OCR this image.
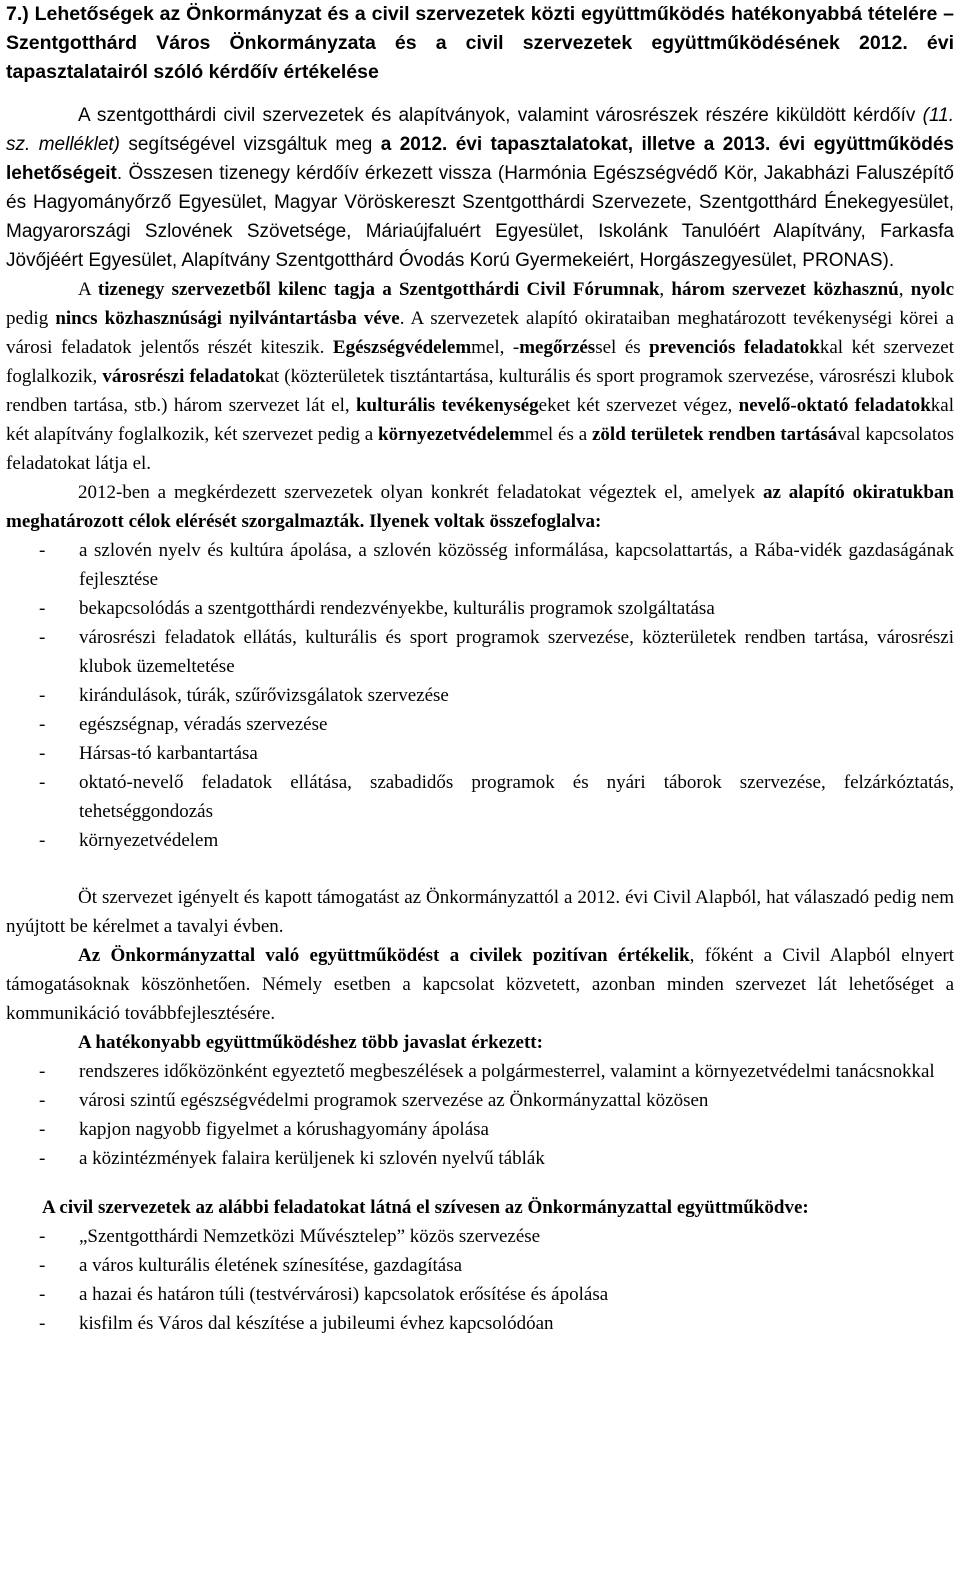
7.) Lehetőségek az Önkormányzat és a civil szervezetek közti együttműködés hatékonyabbá tételére – Szentgotthárd Város Önkormányzata és a civil szervezetek együttműködésének 2012. évi tapasztalatairól szóló kérdőív értékelése

A szentgotthárdi civil szervezetek és alapítványok, valamint városrészek részére kiküldött kérdőív (11. sz. melléklet) segítségével vizsgáltuk meg a 2012. évi tapasztalatokat, illetve a 2013. évi együttműködés lehetőségeit. Összesen tizenegy kérdőív érkezett vissza (Harmónia Egészségvédő Kör, Jakabházi Faluszépítő és Hagyományőrző Egyesület, Magyar Vöröskereszt Szentgotthárdi Szervezete, Szentgotthárd Énekegyesület, Magyarországi Szlovének Szövetsége, Máriaújfaluért Egyesület, Iskolánk Tanulóért Alapítvány, Farkasfa Jövőjéért Egyesület, Alapítvány Szentgotthárd Óvodás Korú Gyermekeiért, Horgászegyesület, PRONAS).

A tizenegy szervezetből kilenc tagja a Szentgotthárdi Civil Fórumnak, három szervezet közhasznú, nyolc pedig nincs közhasznúsági nyilvántartásba véve. A szervezetek alapító okirataiban meghatározott tevékenységi körei a városi feladatok jelentős részét kiteszik. Egészségvédelemmel, -megőrzéssel és prevenciós feladatokkal két szervezet foglalkozik, városrészi feladatokat (közterületek tisztántartása, kulturális és sport programok szervezése, városrészi klubok rendben tartása, stb.) három szervezet lát el, kulturális tevékenységeket két szervezet végez, nevelő-oktató feladatokkal két alapítvány foglalkozik, két szervezet pedig a környezetvédelemmel és a zöld területek rendben tartásával kapcsolatos feladatokat látja el.

2012-ben a megkérdezett szervezetek olyan konkrét feladatokat végeztek el, amelyek az alapító okiratukban meghatározott célok elérését szorgalmazták. Ilyenek voltak összefoglalva:

- a szlovén nyelv és kultúra ápolása, a szlovén közösség informálása, kapcsolattartás, a Rába-vidék gazdaságának fejlesztése
- bekapcsolódás a szentgotthárdi rendezvényekbe, kulturális programok szolgáltatása
- városrészi feladatok ellátás, kulturális és sport programok szervezése, közterületek rendben tartása, városrészi klubok üzemeltetése
- kirándulások, túrák, szűrővizsgálatok szervezése
- egészségnap, véradás szervezése
- Hársas-tó karbantartása
- oktató-nevelő feladatok ellátása, szabadidős programok és nyári táborok szervezése, felzárkóztatás, tehetséggondozás
- környezetvédelem

Öt szervezet igényelt és kapott támogatást az Önkormányzattól a 2012. évi Civil Alapból, hat válaszadó pedig nem nyújtott be kérelmet a tavalyi évben.

Az Önkormányzattal való együttműködést a civilek pozitívan értékelik, főként a Civil Alapból elnyert támogatásoknak köszönhetően. Némely esetben a kapcsolat közvetett, azonban minden szervezet lát lehetőséget a kommunikáció továbbfejlesztésére.

A hatékonyabb együttműködéshez több javaslat érkezett:

- rendszeres időközönként egyeztető megbeszélések a polgármesterrel, valamint a környezetvédelmi tanácsnokkal
- városi szintű egészségvédelmi programok szervezése az Önkormányzattal közösen
- kapjon nagyobb figyelmet a kórushagyomány ápolása
- a közintézmények falaira kerüljenek ki szlovén nyelvű táblák

A civil szervezetek az alábbi feladatokat látná el szívesen az Önkormányzattal együttműködve:

- „Szentgotthárdi Nemzetközi Művésztelep” közös szervezése
- a város kulturális életének színesítése, gazdagítása
- a hazai és határon túli (testvérvárosi) kapcsolatok erősítése és ápolása
- kisfilm és Város dal készítése a jubileumi évhez kapcsolódóan
